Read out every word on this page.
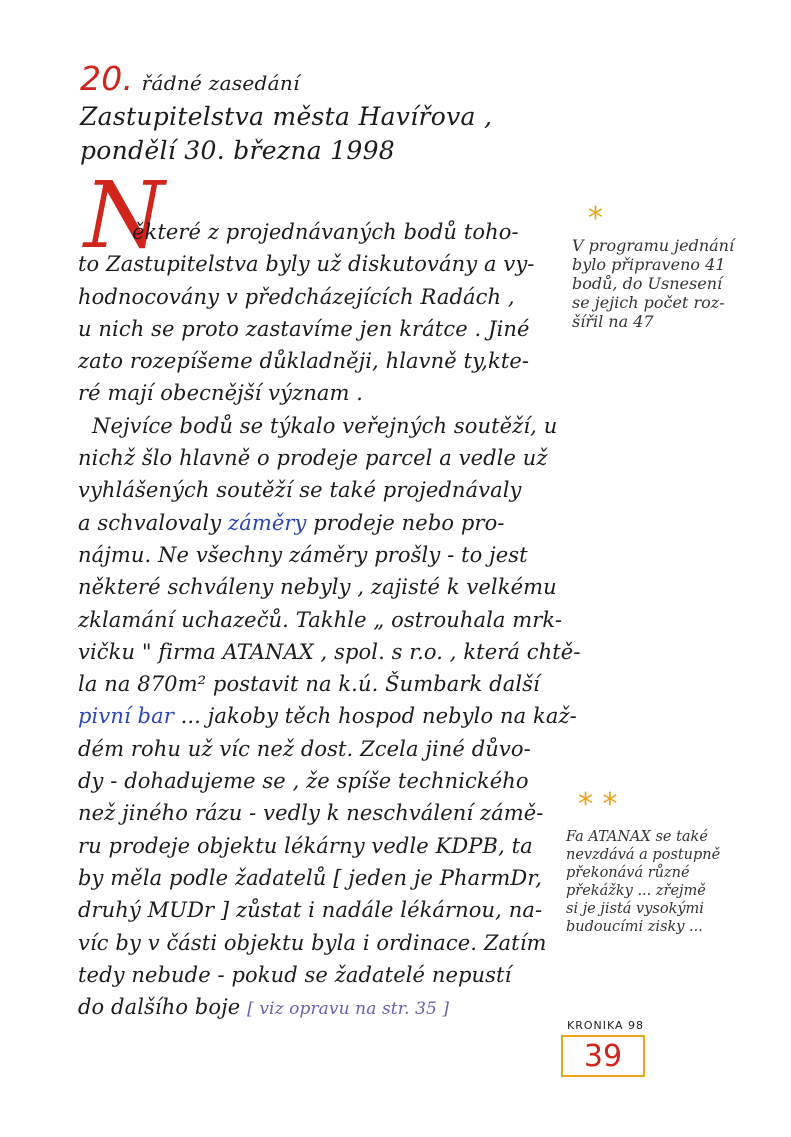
20. řádné zasedání
Zastupitelstva města Havířova ,
pondělí 30. března 1998
N
ěkteré z projednávaných bodů toho-
to Zastupitelstva byly už diskutovány a vy-
hodnocovány v předcházejících Radách ,
u nich se proto zastavíme jen krátce . Jiné
zato rozepíšeme důkladněji, hlavně ty,kte-
ré mají obecnější význam .
Nejvíce bodů se týkalo veřejných soutěží, u
nichž šlo hlavně o prodeje parcel a vedle už
vyhlášených soutěží se také projednávaly
a schvalovaly záměry prodeje nebo pro-
nájmu. Ne všechny záměry prošly - to jest
některé schváleny nebyly , zajisté k velkému
zklamání uchazečů. Takhle „ ostrouhala mrk-
vičku " firma ATANAX , spol. s r.o. , která chtě-
la na 870m² postavit na k.ú. Šumbark další
pivní bar ... jakoby těch hospod nebylo na kaž-
dém rohu už víc než dost. Zcela jiné důvo-
dy - dohadujeme se , že spíše technického
než jiného rázu - vedly k neschválení zámě-
ru prodeje objektu lékárny vedle KDPB, ta
by měla podle žadatelů [ jeden je PharmDr,
druhý MUDr ] zůstat i nadále lékárnou, na-
víc by v části objektu byla i ordinace. Zatím
tedy nebude - pokud se žadatelé nepustí
do dalšího boje [ viz opravu na str. 35 ]
*
V programu jednání
bylo připraveno 41
bodů, do Usnesení
se jejich počet roz-
šířil na 47
* *
Fa ATANAX se také
nevzdává a postupně
překonává různé
překážky ... zřejmě
si je jistá vysokými
budoucími zisky ...
KRONIKA 98
39
